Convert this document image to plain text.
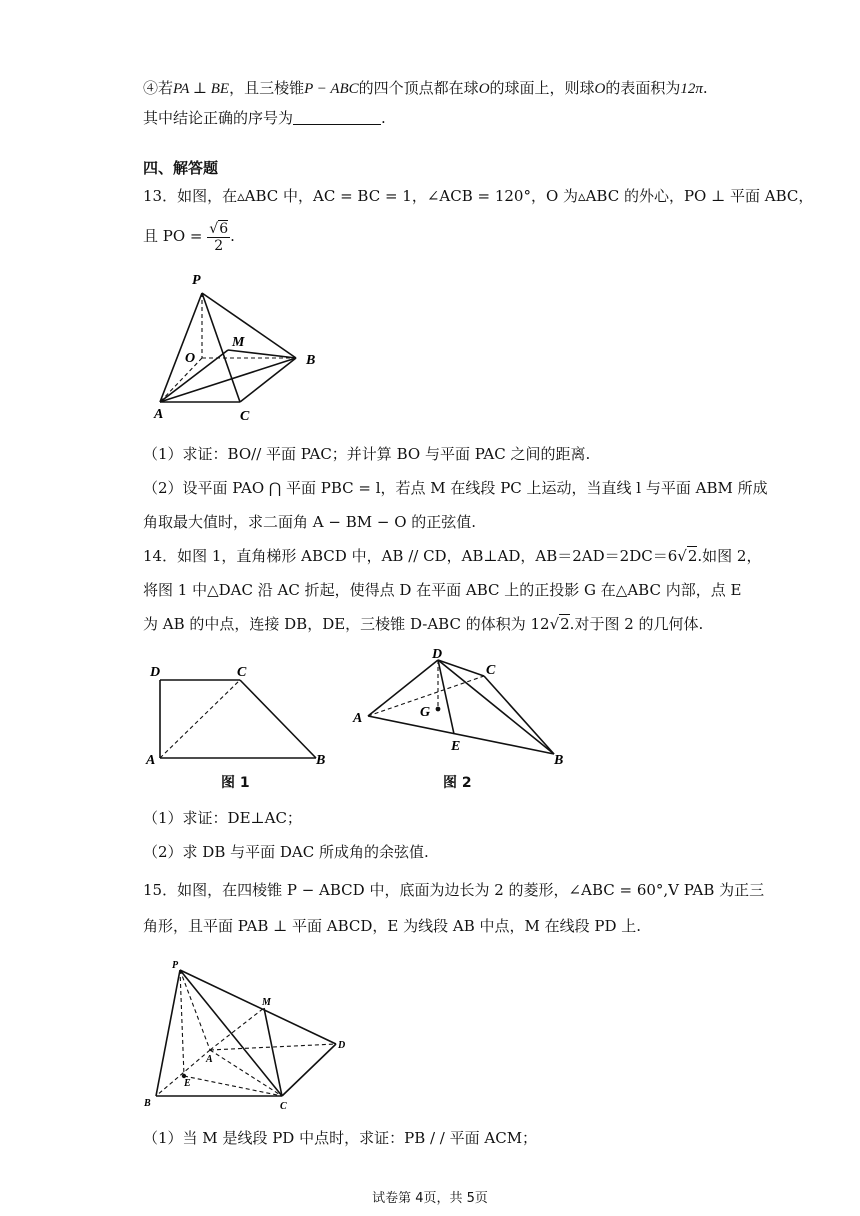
④若PA ⊥ BE，且三棱锥P − ABC的四个顶点都在球O的球面上，则球O的表面积为12π.
其中结论正确的序号为	.
四、解答题
13．如图，在▵ABC 中，AC = BC = 1，∠ACB = 120°，O 为▵ABC 的外心，PO ⊥ 平面 ABC，
且 PO = $\frac{√6}{2}$ .
P
M
O	B
A	C
（1）求证：BO// 平面 PAC；并计算 BO 与平面 PAC 之间的距离.
（2）设平面 PAO ⋂ 平面 PBC = l，若点 M 在线段 PC 上运动，当直线 l 与平面 ABM 所成
角取最大值时，求二面角 A − BM − O 的正弦值.
14．如图 1，直角梯形 ABCD 中，AB // CD，AB⊥AD，AB＝2AD＝2DC＝6√2.如图 2，
将图 1 中△DAC 沿 AC 折起，使得点 D 在平面 ABC 上的正投影 G 在△ABC 内部，点 E
为 AB 的中点，连接 DB，DE，三棱锥 D-ABC 的体积为 12√2.对于图 2 的几何体.
D	C
A	B
D
C
A	G
E
B
图 1	图 2
（1）求证：DE⊥AC；
（2）求 DB 与平面 DAC 所成角的余弦值.
15．如图，在四棱锥 P − ABCD 中，底面为边长为 2 的菱形，∠ABC = 60°,V PAB 为正三
角形，且平面 PAB ⊥ 平面 ABCD，E 为线段 AB 中点，M 在线段 PD 上.
P
M
D
A
E
B	C
（1）当 M 是线段 PD 中点时，求证：PB / / 平面 ACM；
试卷第 4页，共 5页
